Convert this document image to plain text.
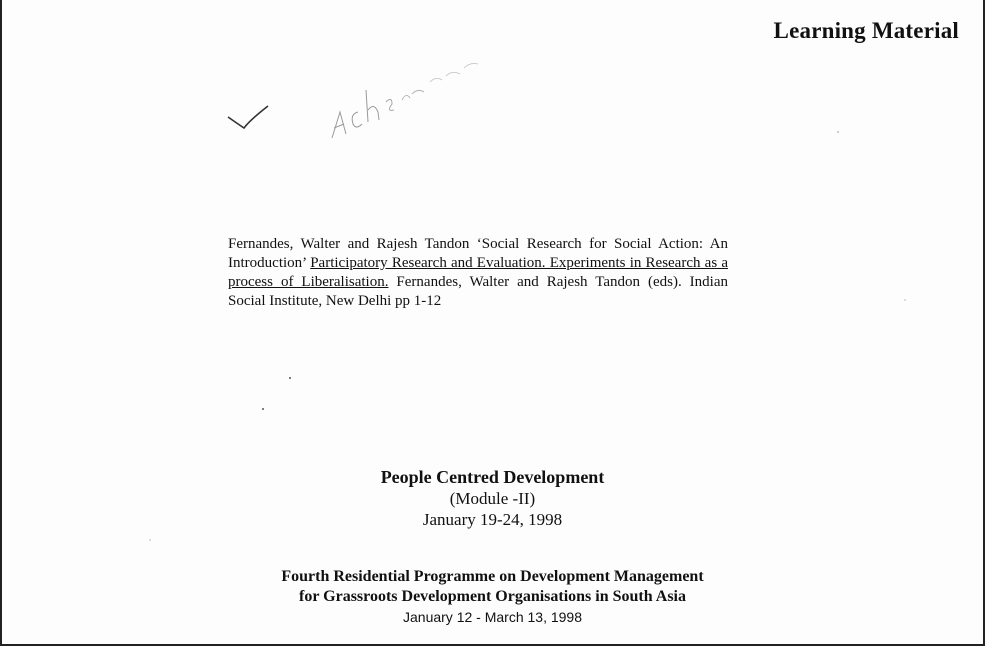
Learning Material
Fernandes, Walter and Rajesh Tandon ‘Social Research for Social Action: An Introduction’ Participatory Research and Evaluation. Experiments in Research as a process of Liberalisation. Fernandes, Walter and Rajesh Tandon (eds). Indian Social Institute, New Delhi pp 1-12
People Centred Development
(Module -II)
January 19-24, 1998
Fourth Residential Programme on Development Management
for Grassroots Development Organisations in South Asia
January 12 - March 13, 1998
